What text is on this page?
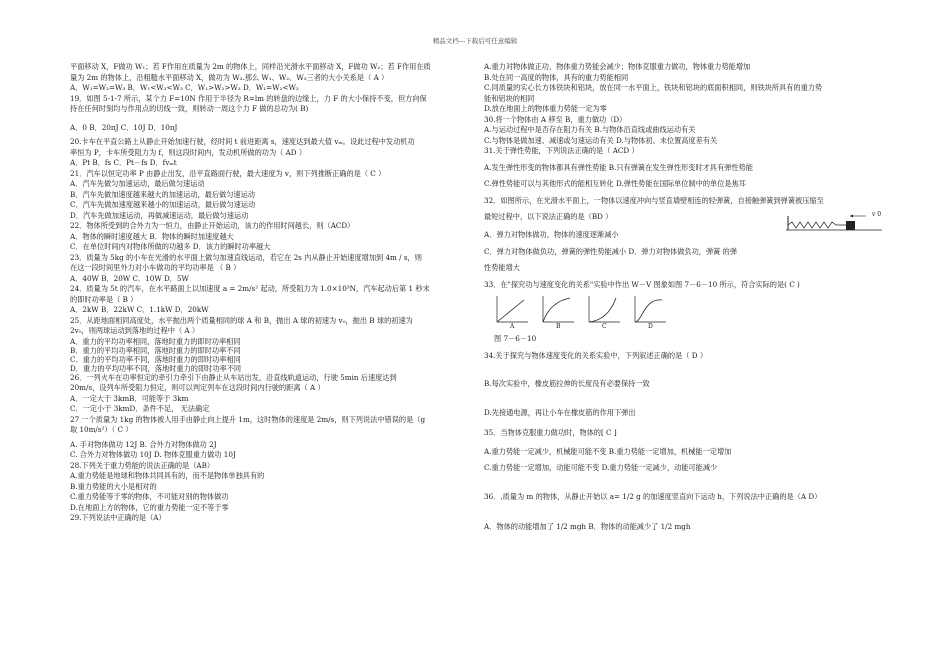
精品文档---下载后可任意编辑
平面移动 X，F做功 W₁；若 F作用在质量为 2m 的物体上，同样沿光滑水平面移动 X，F做功 W₂；若 F作用在质
量为 2m 的物体上，沿粗糙水平面移动 X，做功为 W₃.那么 W₁、W₂、W₃三者的大小关系是（ A ）
A．W₁=W₂=W₃ B．W₁<W₂<W₃ C．W₁>W₂>W₃ D．W₁=W₂<W₃
19．如图 5-1-7 所示，某个力 F=10N 作用于半径为 R=lm 的转盘的边缘上，力 F 的大小保持不变，但方向保
持在任何时刻均与作用点的切线一致，则转动一周这个力 F 做的总功为( B)
A．0 B．20πJ C．10J D．10πJ
20.卡车在平直公路上从静止开始加速行驶，经时间 t 前进距离 s，速度达到最大值 vₘ。设此过程中发动机功
率恒为 P，卡车所受阻力为 f，则这段时间内，发动机所做的功为（ AD ）
A．Pt B．fs C．Pt－fs D．fvₘt
21．汽车以恒定功率 P 由静止出发，沿平直路面行驶，最大速度为 v，则下列推断正确的是（ C ）
A．汽车先做匀加速运动，最后做匀速运动
B．汽车先做加速度越来越大的加速运动，最后做匀速运动
C．汽车先做加速度越来越小的加速运动，最后做匀速运动
D．汽车先做加速运动，再做减速运动，最后做匀速运动
22．物体所受到的合外力为一恒力，由静止开始运动，该力的作用时间越长，则（ACD）
A．物体的瞬时速度越大 B．物体的瞬时加速度越大
C．在单位时间内对物体所做的功越多 D．该力的瞬时功率越大
23．质量为 5kg 的小车在光滑的水平面上做匀加速直线运动，若它在 2s 内从静止开始速度增加到 4m / s，则
在这一段时间里外力对小车做功的平均功率是 （ B ）
A．40W B．20W C．10W D．5W
24．质量为 5t 的汽车，在水平路面上以加速度 a = 2m/s² 起动，所受阻力为 1.0×10³N，汽车起动后第 1 秒末
的即时功率是（ B ）
A．2kW B．22kW C．1.1kW D．20kW
25．从距地面相同高度处，水平抛出两个质量相同的球 A 和 B，抛出 A 球的初速为 v₀，抛出 B 球的初速为
2v₀，则两球运动到落地的过程中（ A ）
A．重力的平均功率相同，落地时重力的即时功率相同
B．重力的平均功率相同，落地时重力的即时功率不同
C．重力的平均功率不同，落地时重力的即时功率相同
D．重力的平均功率不同，落地时重力的即时功率不同
26．一列火车在功率恒定的牵引力牵引下由静止从车站出发，沿直线轨道运动，行驶 5min 后速度达到
20m/s，设列车所受阻力恒定，则可以判定列车在这段时间内行驶的距离（ A ）
A．一定大于 3kmB．可能等于 3km
C．一定小于 3kmD．条件不足， 无法确定
27 一个质量为 1kg 的物体被人用手由静止向上提升 1m，这时物体的速度是 2m/s，则下列说法中错误的是（g
取 10m/s²）（ C ）
A. 手对物体做功 12J B. 合外力对物体做功 2J
C. 合外力对物体做功 10J D. 物体克服重力做功 10J
28.下列关于重力势能的说法正确的是（AB）
A.重力势能是地球和物体共同具有的，而不是物体单独具有的
B.重力势能的大小是相对的
C.重力势能等于零的物体，不可能对别的物体做功
D.在地面上方的物体，它的重力势能一定不等于零
29.下列说法中正确的是（A）
A.重力对物体做正功，物体重力势能会减少；物体克服重力做功，物体重力势能增加
B.处在同一高度的物体，具有的重力势能相同
C.同质量的实心长方体铁块和铝块，放在同一水平面上，铁块和铝块的底面积相同，则铁块所具有的重力势
能和铝块的相同
D.放在地面上的物体重力势能一定为零
30.将一个物体由 A 移至 B，重力做功（D）
A.与运动过程中是否存在阻力有关 B.与物体沿直线或曲线运动有关
C.与物体是做加速、减速或匀速运动有关 D.与物体初、末位置高度差有关
31.关于弹性势能，下列说法正确的是（ ACD ）
A.发生弹性形变的物体都具有弹性势能 B.只有弹簧在发生弹性形变时才具有弹性势能
C.弹性势能可以与其他形式的能相互转化 D.弹性势能在国际单位制中的单位是焦耳
32．如图所示，在光滑水平面上，一物体以速度冲向与竖直墙壁相连的轻弹簧，自接触弹簧到弹簧被压缩至
最短过程中，以下说法正确的是（BD ）	v 0
A．弹力对物体做功，物体的速度逐渐减小
C．弹力对物体做负功，弹簧的弹性势能减小 D．弹力对物体做负功，弹簧 的弹
性势能增大
33．在"探究功与速度变化的关系"实验中作出 W－V 图象如图 7－6－10 所示，符合实际的是( C )
A	B	C	D
图 7－6－10
34.关于探究与物体速度变化的关系实验中，下列叙述正确的是（ D ）
B.每次实验中，橡皮筋拉伸的长度没有必要保持一致
D.先接通电源，再让小车在橡皮筋的作用下弹出
35．当物体克服重力做功时，物体的[ C ]
A.重力势能一定减少，机械能可能不变 B.重力势能一定增加，机械能一定增加
C.重力势能一定增加，动能可能不变 D.重力势能一定减少，动能可能减少
36．,质量为 m 的物体，从静止开始以 a= 1/2 g 的加速度竖直向下运动 h，下列说法中正确的是（A D）
A．物体的动能增加了 1/2 mgh B．物体的动能减少了 1/2 mgh
